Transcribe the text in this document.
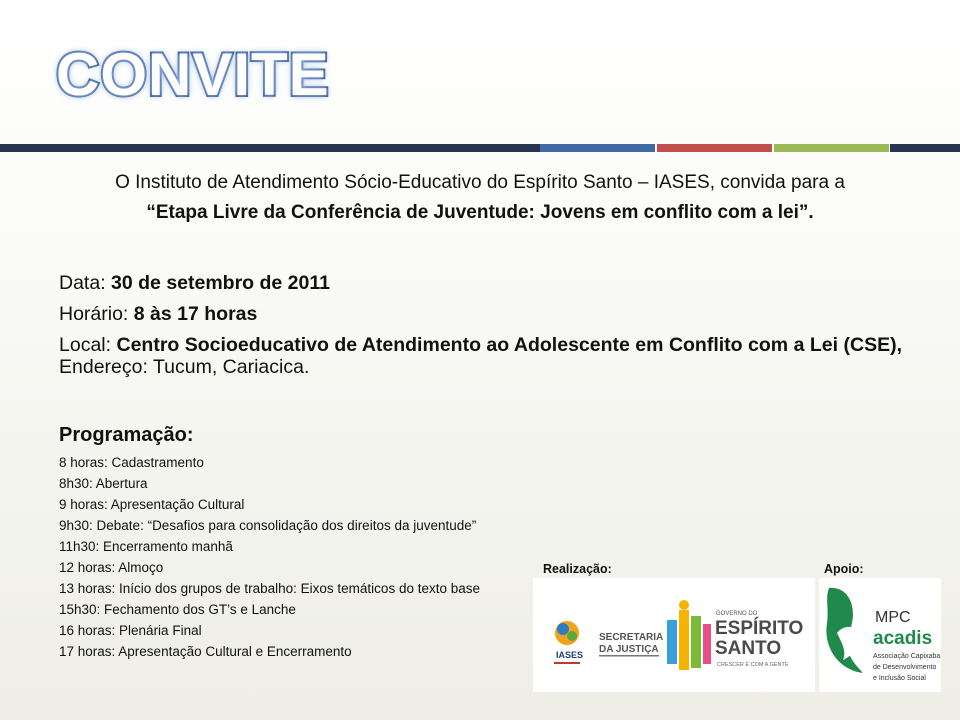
CONVITE
O Instituto de Atendimento Sócio-Educativo do Espírito Santo – IASES, convida para a
“Etapa Livre da Conferência de Juventude: Jovens em conflito com a lei”.
Data: 30 de setembro de 2011
Horário: 8 às 17 horas
Local: Centro Socioeducativo de Atendimento ao Adolescente em Conflito com a Lei (CSE), Endereço: Tucum, Cariacica.
Programação:
8 horas: Cadastramento
8h30: Abertura
9 horas: Apresentação Cultural
9h30: Debate: “Desafios para consolidação dos direitos da juventude”
11h30: Encerramento manhã
12 horas: Almoço
13 horas: Início dos grupos de trabalho: Eixos temáticos do texto base
15h30: Fechamento dos GT’s e Lanche
16 horas: Plenária Final
17 horas: Apresentação Cultural e Encerramento
Realização:	Apoio:
IASES
SECRETARIA
DA JUSTIÇA
GOVERNO DO
ESPÍRITO
SANTO
CRESCER É COM A GENTE
MPC
acadis
Associação Capixaba
de Desenvolvimento
e Inclusão Social
